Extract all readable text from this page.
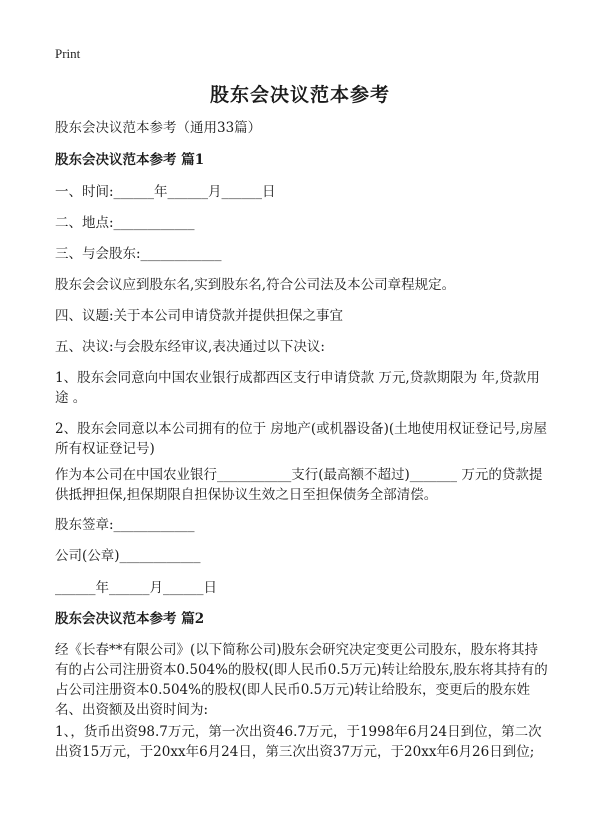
Print
股东会决议范本参考
股东会决议范本参考（通用33篇）
股东会决议范本参考 篇1
一、时间:______年______月______日
二、地点:____________
三、与会股东:____________
股东会会议应到股东名,实到股东名,符合公司法及本公司章程规定。
四、议题:关于本公司申请贷款并提供担保之事宜
五、决议:与会股东经审议,表决通过以下决议:
1、股东会同意向中国农业银行成都西区支行申请贷款 万元,贷款期限为 年,贷款用途 。
2、股东会同意以本公司拥有的位于 房地产(或机器设备)(土地使用权证登记号,房屋所有权证登记号)
作为本公司在中国农业银行___________支行(最高额不超过)_______ 万元的贷款提供抵押担保,担保期限自担保协议生效之日至担保债务全部清偿。
股东签章:____________
公司(公章)____________
______年______月______日
股东会决议范本参考 篇2
经《长春**有限公司》(以下简称公司)股东会研究决定变更公司股东，股东将其持有的占公司注册资本0.504%的股权(即人民币0.5万元)转让给股东,股东将其持有的占公司注册资本0.504%的股权(即人民币0.5万元)转让给股东，变更后的股东姓名、出资额及出资时间为:
1、，货币出资98.7万元，第一次出资46.7万元，于1998年6月24日到位，第二次出资15万元，于20xx年6月24日，第三次出资37万元，于20xx年6月26日到位;
